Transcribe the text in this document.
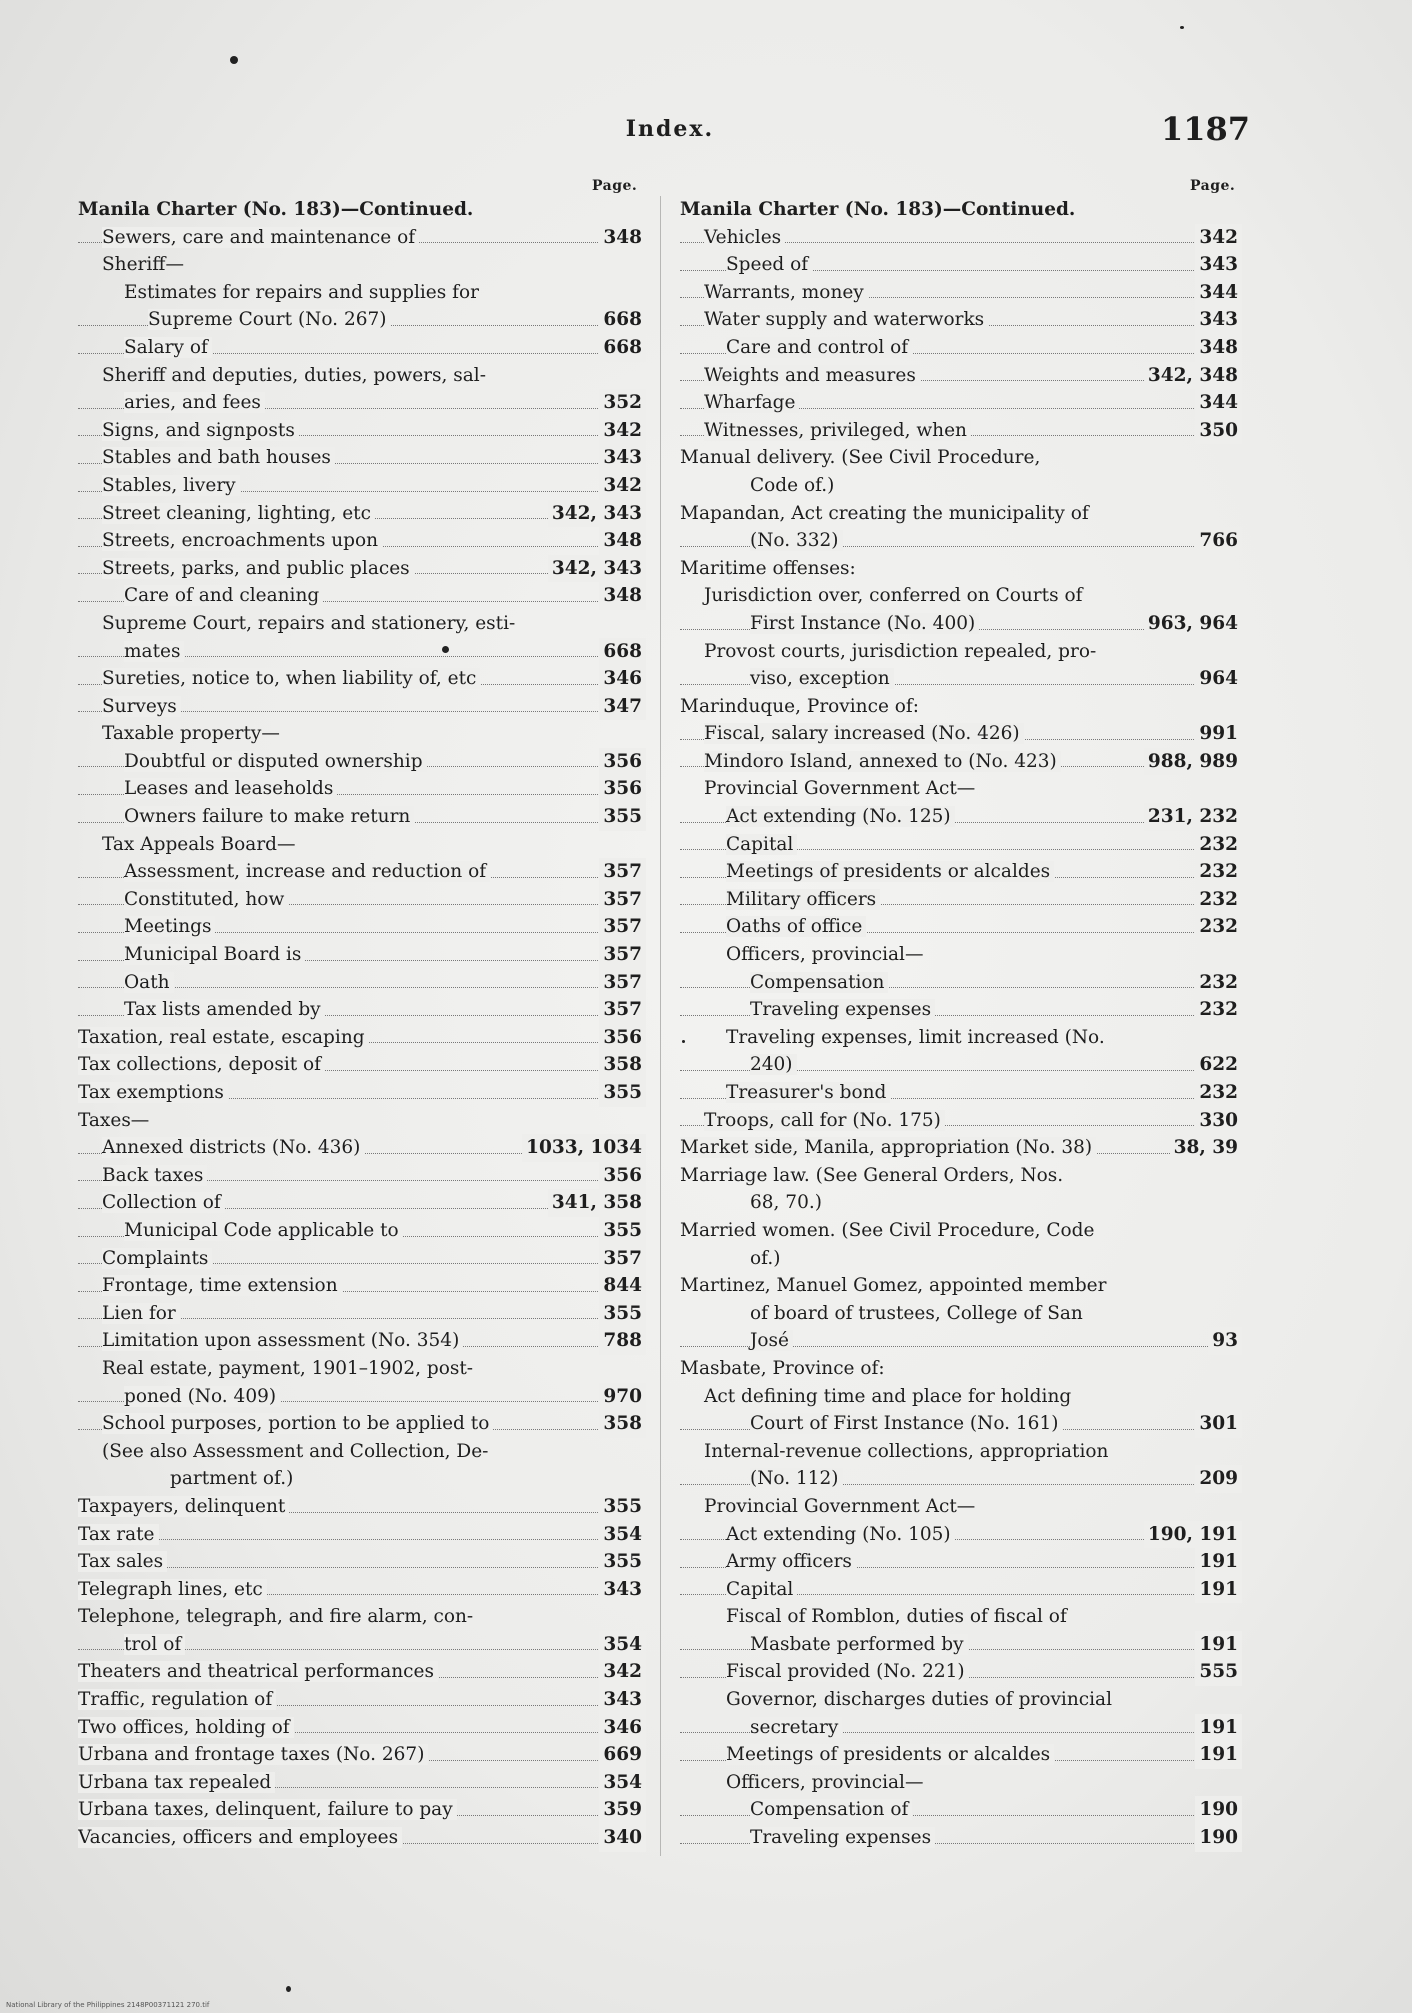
Index.	1187
Page.	Page.
Manila Charter (No. 183)—Continued.
Sewers, care and maintenance of	348
Sheriff—
Estimates for repairs and supplies for
Supreme Court (No. 267)	668
Salary of	668
Sheriff and deputies, duties, powers, sal-
aries, and fees	352
Signs, and signposts	342
Stables and bath houses	343
Stables, livery	342
Street cleaning, lighting, etc	342, 343
Streets, encroachments upon	348
Streets, parks, and public places	342, 343
Care of and cleaning	348
Supreme Court, repairs and stationery, esti-
mates	668
Sureties, notice to, when liability of, etc	346
Surveys	347
Taxable property—
Doubtful or disputed ownership	356
Leases and leaseholds	356
Owners failure to make return	355
Tax Appeals Board—
Assessment, increase and reduction of	357
Constituted, how	357
Meetings	357
Municipal Board is	357
Oath	357
Tax lists amended by	357
Taxation, real estate, escaping	356
Tax collections, deposit of	358
Tax exemptions	355
Taxes—
Annexed districts (No. 436)	1033, 1034
Back taxes	356
Collection of	341, 358
Municipal Code applicable to	355
Complaints	357
Frontage, time extension	844
Lien for	355
Limitation upon assessment (No. 354)	788
Real estate, payment, 1901–1902, post-
poned (No. 409)	970
School purposes, portion to be applied to	358
(See also Assessment and Collection, De-
partment of.)
Taxpayers, delinquent	355
Tax rate	354
Tax sales	355
Telegraph lines, etc	343
Telephone, telegraph, and fire alarm, con-
trol of	354
Theaters and theatrical performances	342
Traffic, regulation of	343
Two offices, holding of	346
Urbana and frontage taxes (No. 267)	669
Urbana tax repealed	354
Urbana taxes, delinquent, failure to pay	359
Vacancies, officers and employees	340
Manila Charter (No. 183)—Continued.
Vehicles	342
Speed of	343
Warrants, money	344
Water supply and waterworks	343
Care and control of	348
Weights and measures	342, 348
Wharfage	344
Witnesses, privileged, when	350
Manual delivery. (See Civil Procedure,
Code of.)
Mapandan, Act creating the municipality of
(No. 332)	766
Maritime offenses:
Jurisdiction over, conferred on Courts of
First Instance (No. 400)	963, 964
Provost courts, jurisdiction repealed, pro-
viso, exception	964
Marinduque, Province of:
Fiscal, salary increased (No. 426)	991
Mindoro Island, annexed to (No. 423)	988, 989
Provincial Government Act—
Act extending (No. 125)	231, 232
Capital	232
Meetings of presidents or alcaldes	232
Military officers	232
Oaths of office	232
Officers, provincial—
Compensation	232
Traveling expenses	232
Traveling expenses, limit increased (No.
240)	622
Treasurer's bond	232
Troops, call for (No. 175)	330
Market side, Manila, appropriation (No. 38)	38, 39
Marriage law. (See General Orders, Nos.
68, 70.)
Married women. (See Civil Procedure, Code
of.)
Martinez, Manuel Gomez, appointed member
of board of trustees, College of San
José	93
Masbate, Province of:
Act defining time and place for holding
Court of First Instance (No. 161)	301
Internal-revenue collections, appropriation
(No. 112)	209
Provincial Government Act—
Act extending (No. 105)	190, 191
Army officers	191
Capital	191
Fiscal of Romblon, duties of fiscal of
Masbate performed by	191
Fiscal provided (No. 221)	555
Governor, discharges duties of provincial
secretary	191
Meetings of presidents or alcaldes	191
Officers, provincial—
Compensation of	190
Traveling expenses	190
National Library of the Philippines 2148P00371121 270.tif
